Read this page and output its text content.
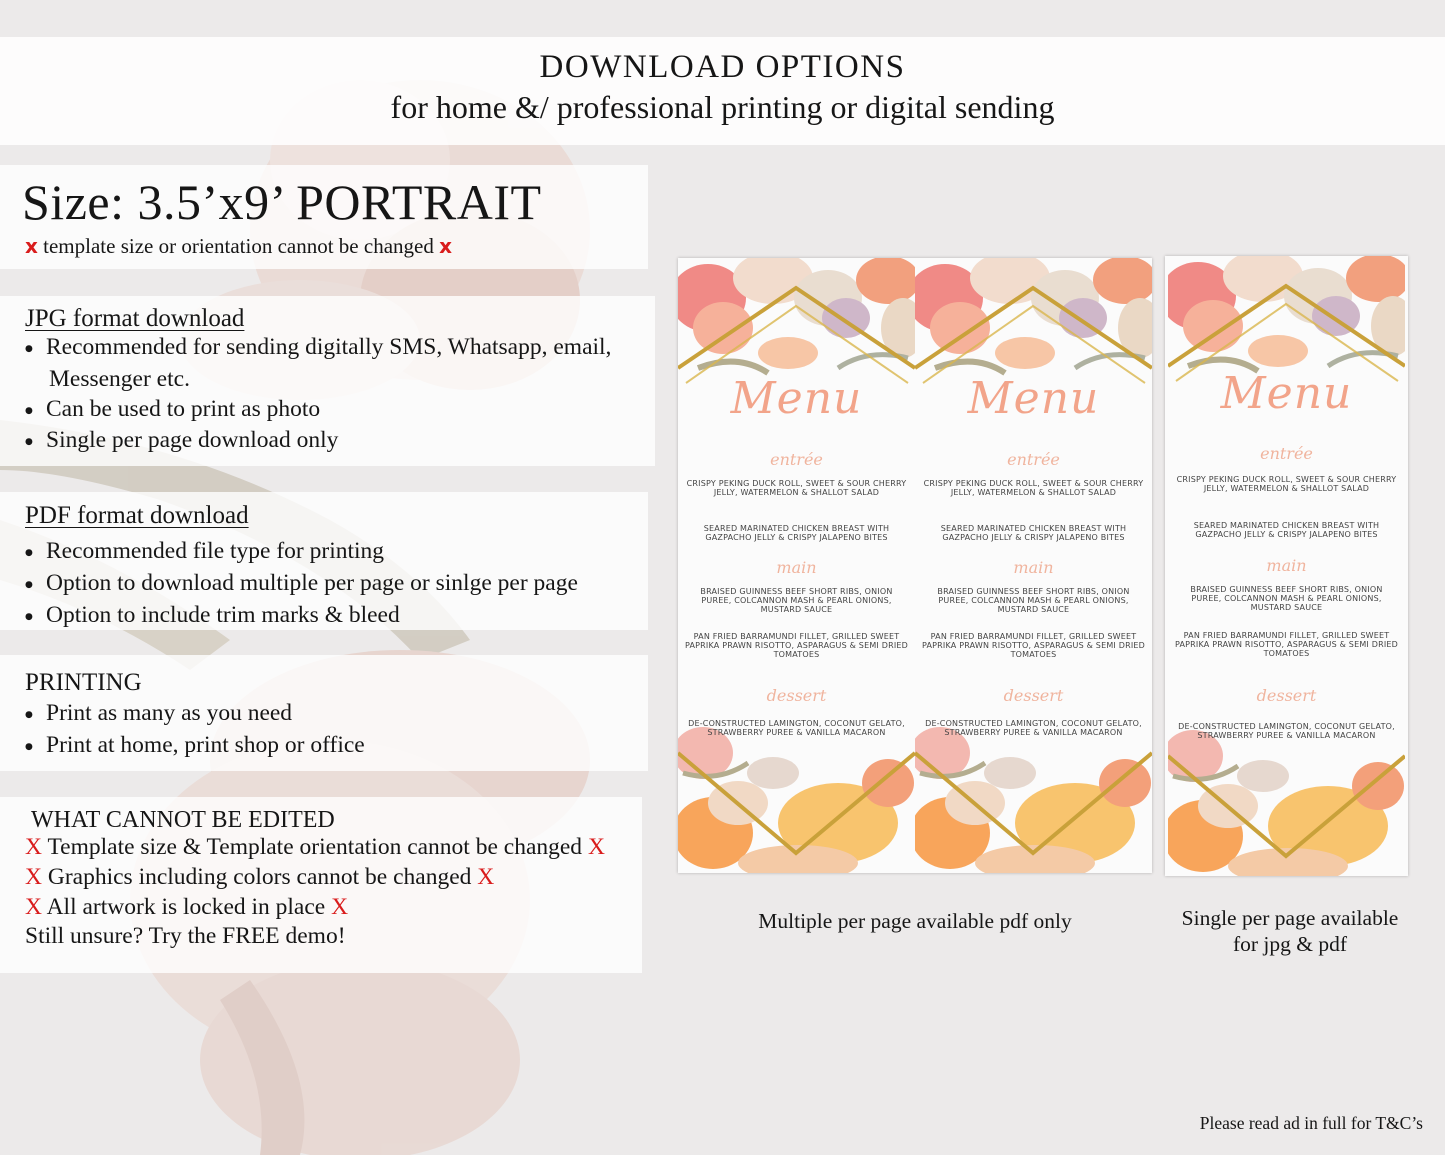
DOWNLOAD OPTIONS
for home &/ professional printing or digital sending
Size: 3.5’x9’ PORTRAIT
x template size or orientation cannot be changed x
JPG format download
● Recommended for sending digitally SMS, Whatsapp, email,
Messenger etc.
● Can be used to print as photo
● Single per page download only
PDF format download
● Recommended file type for printing
● Option to download multiple per page or sinlge per page
● Option to include trim marks & bleed
PRINTING
● Print as many as you need
● Print at home, print shop or office
WHAT CANNOT BE EDITED
X Template size & Template orientation cannot be changed X
X Graphics including colors cannot be changed X
X All artwork is locked in place X
Still unsure? Try the FREE demo!
Menu
entrée
CRISPY PEKING DUCK ROLL, SWEET & SOUR CHERRY JELLY, WATERMELON & SHALLOT SALAD
SEARED MARINATED CHICKEN BREAST WITH GAZPACHO JELLY & CRISPY JALAPENO BITES
main
BRAISED GUINNESS BEEF SHORT RIBS, ONION PUREE, COLCANNON MASH & PEARL ONIONS, MUSTARD SAUCE
PAN FRIED BARRAMUNDI FILLET, GRILLED SWEET PAPRIKA PRAWN RISOTTO, ASPARAGUS & SEMI DRIED TOMATOES
dessert
DE-CONSTRUCTED LAMINGTON, COCONUT GELATO, STRAWBERRY PUREE & VANILLA MACARON
Menu
entrée
CRISPY PEKING DUCK ROLL, SWEET & SOUR CHERRY JELLY, WATERMELON & SHALLOT SALAD
SEARED MARINATED CHICKEN BREAST WITH GAZPACHO JELLY & CRISPY JALAPENO BITES
main
BRAISED GUINNESS BEEF SHORT RIBS, ONION PUREE, COLCANNON MASH & PEARL ONIONS, MUSTARD SAUCE
PAN FRIED BARRAMUNDI FILLET, GRILLED SWEET PAPRIKA PRAWN RISOTTO, ASPARAGUS & SEMI DRIED TOMATOES
dessert
DE-CONSTRUCTED LAMINGTON, COCONUT GELATO, STRAWBERRY PUREE & VANILLA MACARON
Menu
entrée
CRISPY PEKING DUCK ROLL, SWEET & SOUR CHERRY JELLY, WATERMELON & SHALLOT SALAD
SEARED MARINATED CHICKEN BREAST WITH GAZPACHO JELLY & CRISPY JALAPENO BITES
main
BRAISED GUINNESS BEEF SHORT RIBS, ONION PUREE, COLCANNON MASH & PEARL ONIONS, MUSTARD SAUCE
PAN FRIED BARRAMUNDI FILLET, GRILLED SWEET PAPRIKA PRAWN RISOTTO, ASPARAGUS & SEMI DRIED TOMATOES
dessert
DE-CONSTRUCTED LAMINGTON, COCONUT GELATO, STRAWBERRY PUREE & VANILLA MACARON
Multiple per page available pdf only	Single per page available
for jpg & pdf
Please read ad in full for T&C’s
